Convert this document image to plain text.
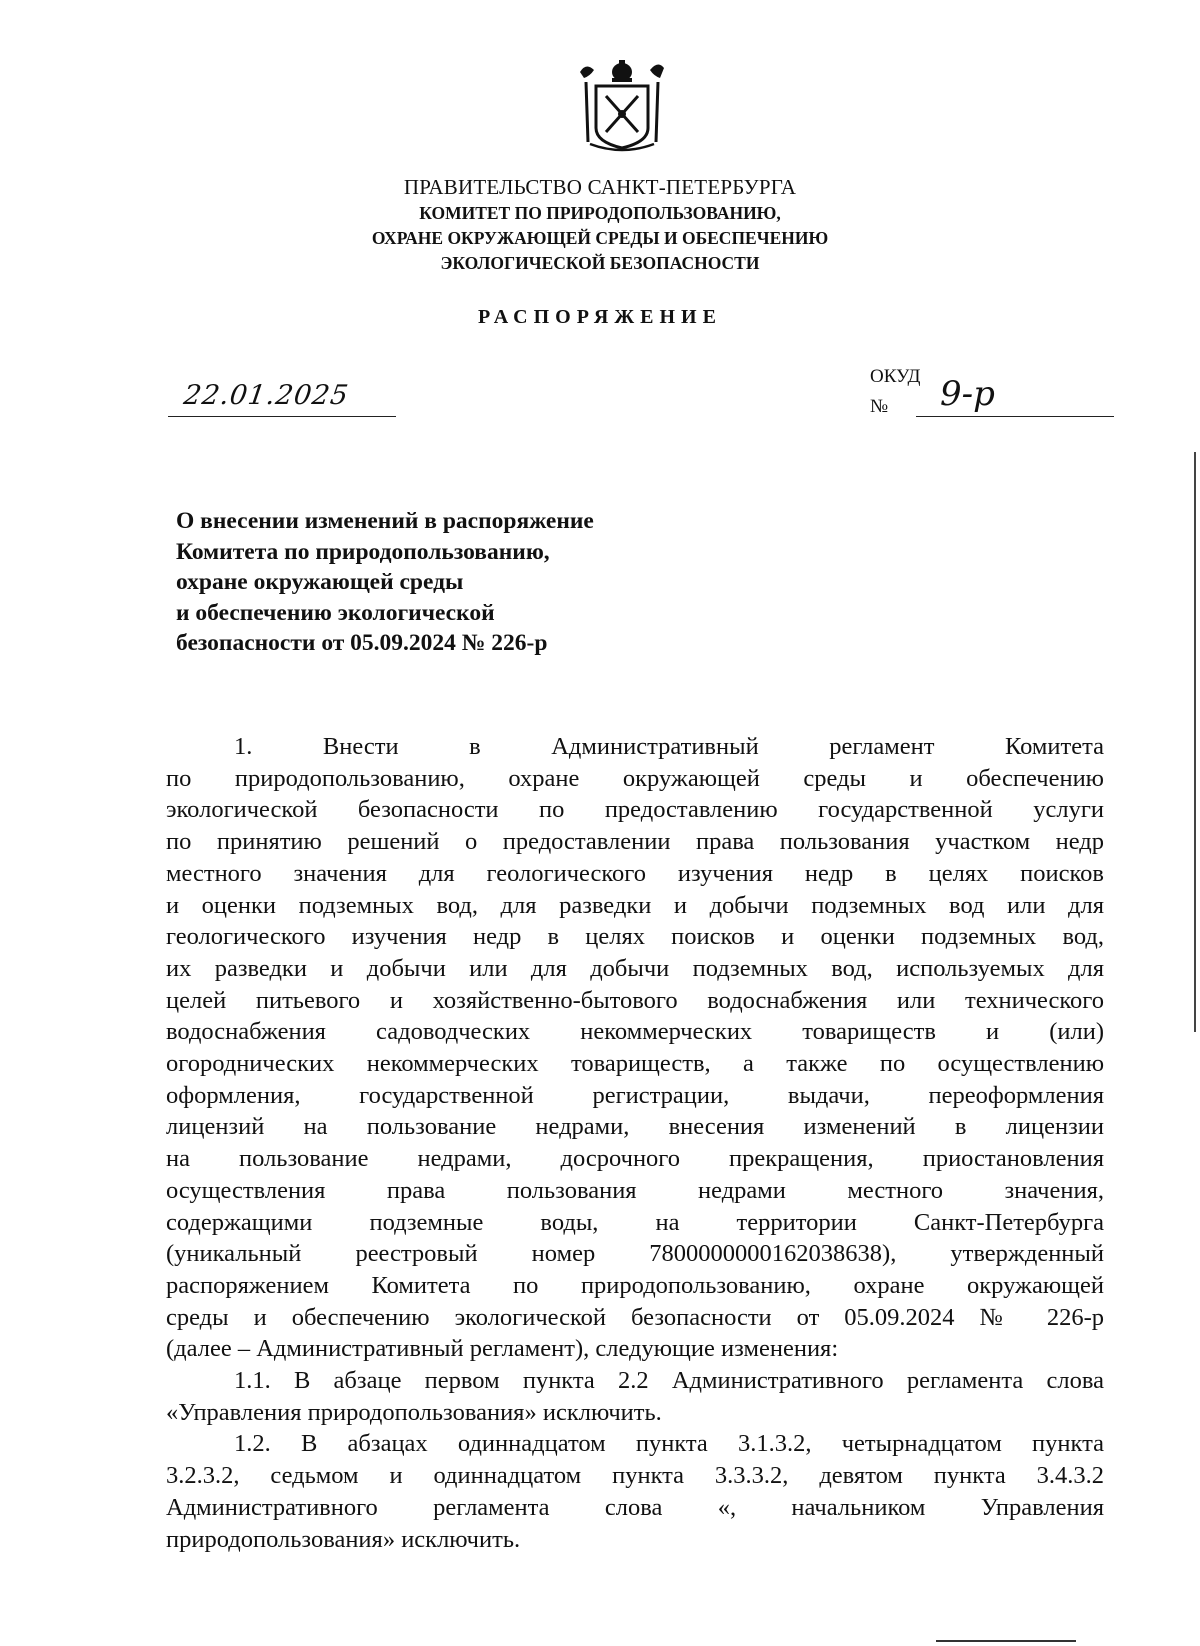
ПРАВИТЕЛЬСТВО САНКТ-ПЕТЕРБУРГА
КОМИТЕТ ПО ПРИРОДОПОЛЬЗОВАНИЮ,
ОХРАНЕ ОКРУЖАЮЩЕЙ СРЕДЫ И ОБЕСПЕЧЕНИЮ
ЭКОЛОГИЧЕСКОЙ БЕЗОПАСНОСТИ
РАСПОРЯЖЕНИЕ
22.01.2025
ОКУД
№ 9-р
О внесении изменений в распоряжение
Комитета по природопользованию,
охране окружающей среды
и обеспечению экологической
безопасности от 05.09.2024 № 226-р
1. Внести в Административный регламент Комитета
по природопользованию, охране окружающей среды и обеспечению
экологической безопасности по предоставлению государственной услуги
по принятию решений о предоставлении права пользования участком недр
местного значения для геологического изучения недр в целях поисков
и оценки подземных вод, для разведки и добычи подземных вод или для
геологического изучения недр в целях поисков и оценки подземных вод,
их разведки и добычи или для добычи подземных вод, используемых для
целей питьевого и хозяйственно-бытового водоснабжения или технического
водоснабжения садоводческих некоммерческих товариществ и (или)
огороднических некоммерческих товариществ, а также по осуществлению
оформления, государственной регистрации, выдачи, переоформления
лицензий на пользование недрами, внесения изменений в лицензии
на пользование недрами, досрочного прекращения, приостановления
осуществления права пользования недрами местного значения,
содержащими подземные воды, на территории Санкт-Петербурга
(уникальный реестровый номер 7800000000162038638), утвержденный
распоряжением Комитета по природопользованию, охране окружающей
среды и обеспечению экологической безопасности от 05.09.2024 № 226-р
(далее – Административный регламент), следующие изменения:
1.1. В абзаце первом пункта 2.2 Административного регламента слова
«Управления природопользования» исключить.
1.2. В абзацах одиннадцатом пункта 3.1.3.2, четырнадцатом пункта
3.2.3.2, седьмом и одиннадцатом пункта 3.3.3.2, девятом пункта 3.4.3.2
Административного регламента слова «, начальником Управления
природопользования» исключить.
